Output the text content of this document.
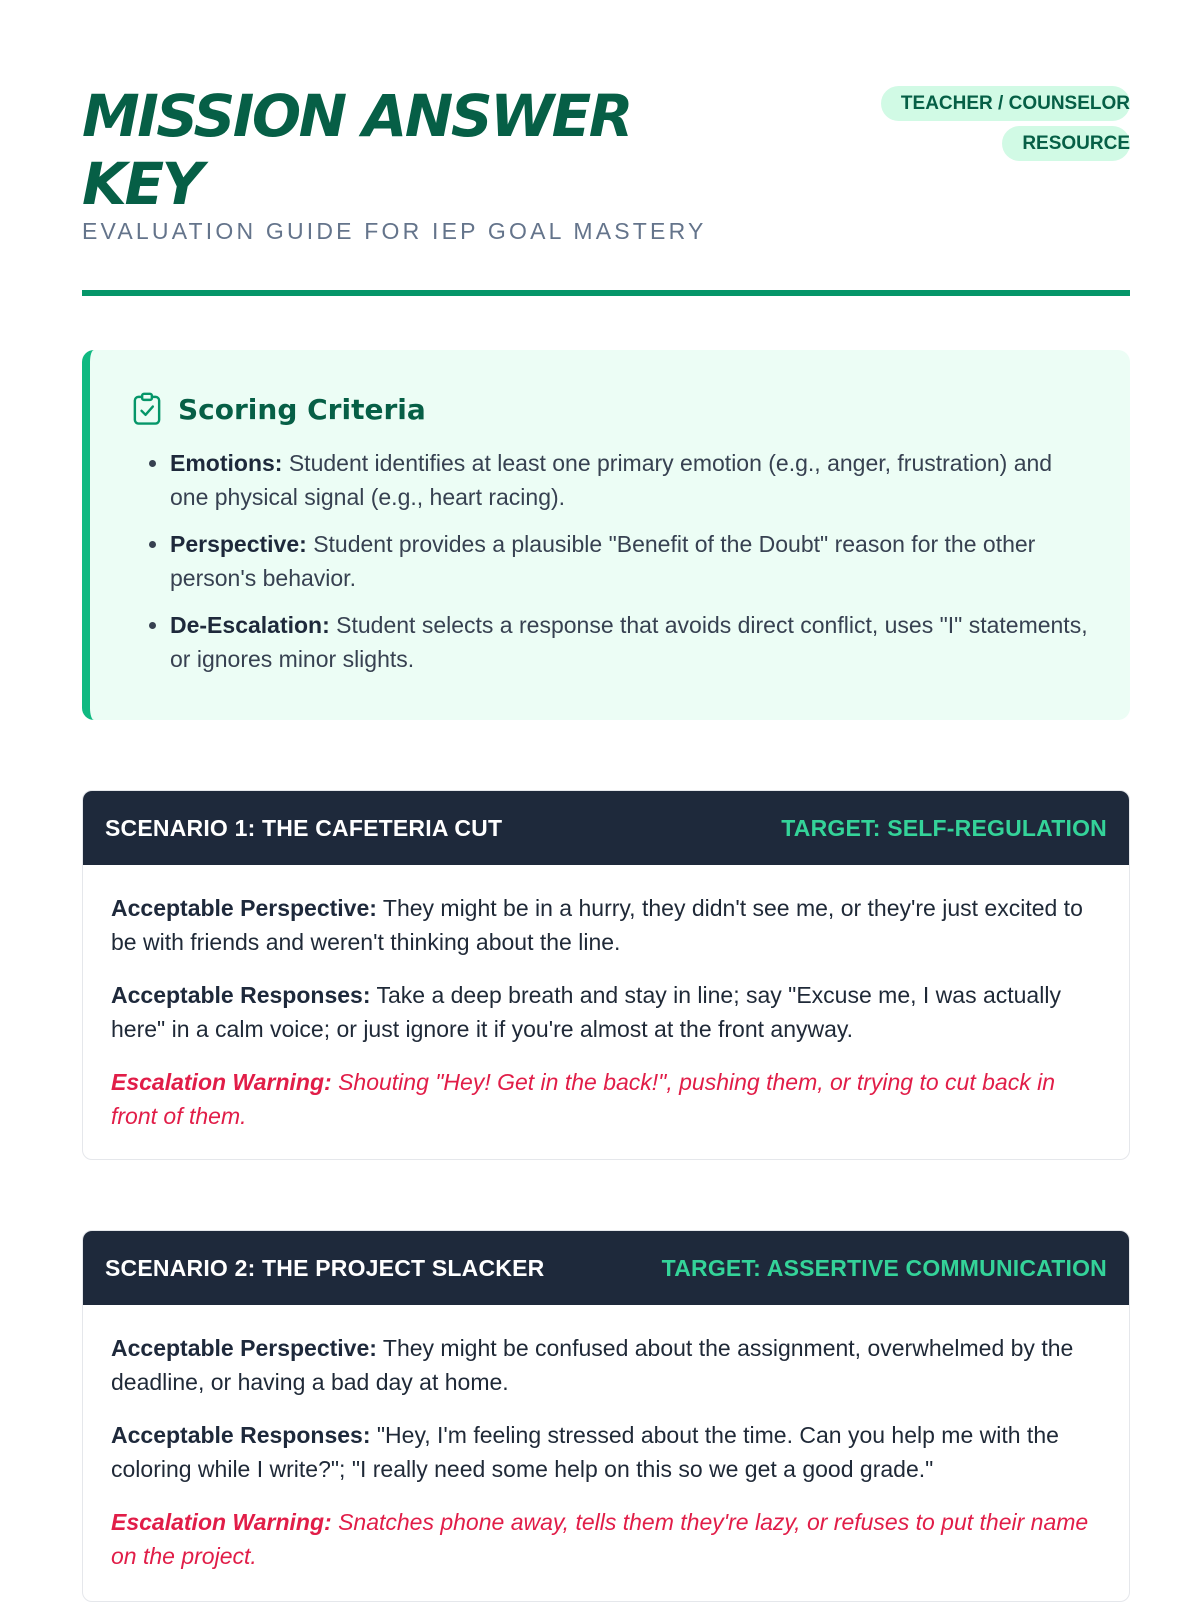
MISSION ANSWER KEY

EVALUATION GUIDE FOR IEP GOAL MASTERY

TEACHER / COUNSELOR RESOURCE
Scoring Criteria
• Emotions: Student identifies at least one primary emotion (e.g., anger, frustration) and one physical signal (e.g., heart racing).
• Perspective: Student provides a plausible "Benefit of the Doubt" reason for the other person's behavior.
• De-Escalation: Student selects a response that avoids direct conflict, uses "I" statements, or ignores minor slights.
SCENARIO 1: THE CAFETERIA CUT	TARGET: SELF-REGULATION

Acceptable Perspective: They might be in a hurry, they didn't see me, or they're just excited to be with friends and weren't thinking about the line.

Acceptable Responses: Take a deep breath and stay in line; say "Excuse me, I was actually here" in a calm voice; or just ignore it if you're almost at the front anyway.

Escalation Warning: Shouting "Hey! Get in the back!", pushing them, or trying to cut back in front of them.

SCENARIO 2: THE PROJECT SLACKER	TARGET: ASSERTIVE COMMUNICATION

Acceptable Perspective: They might be confused about the assignment, overwhelmed by the deadline, or having a bad day at home.

Acceptable Responses: "Hey, I'm feeling stressed about the time. Can you help me with the coloring while I write?"; "I really need some help on this so we get a good grade."

Escalation Warning: Snatches phone away, tells them they're lazy, or refuses to put their name on the project.
